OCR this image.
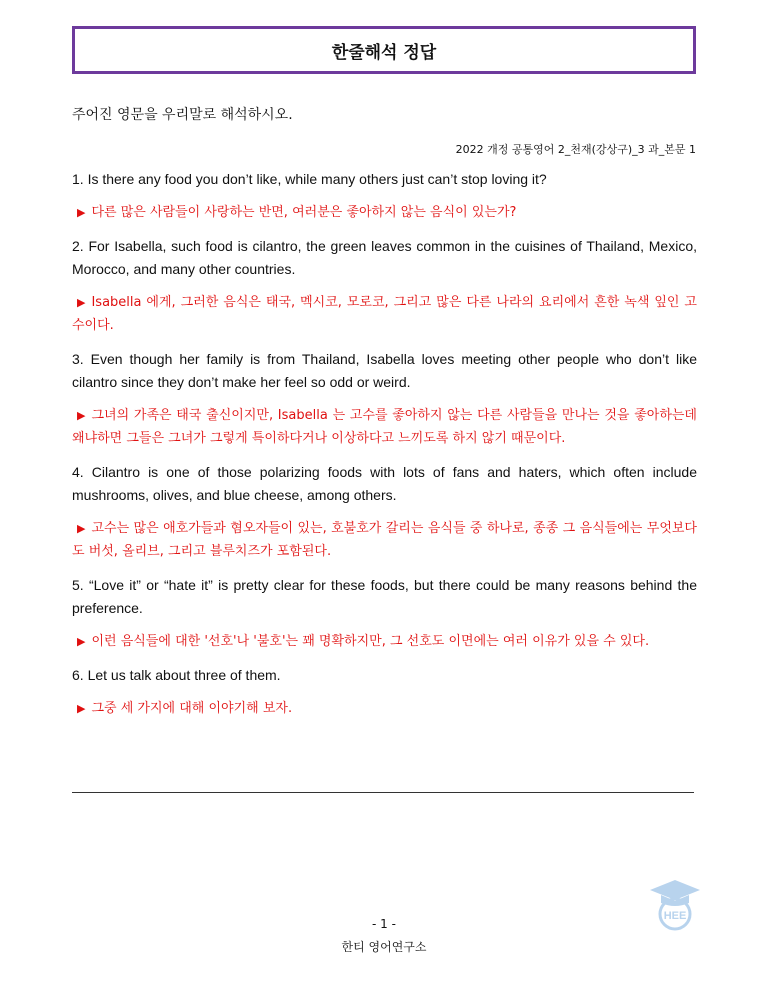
한줄해석 정답
주어진 영문을 우리말로 해석하시오.
2022 개정 공통영어 2_천재(강상구)_3 과_본문 1

1. Is there any food you don’t like, while many others just can’t stop loving it?

▶ 다른 많은 사람들이 사랑하는 반면, 여러분은 좋아하지 않는 음식이 있는가?

2. For Isabella, such food is cilantro, the green leaves common in the cuisines of Thailand, Mexico, Morocco, and many other countries.

▶ Isabella 에게, 그러한 음식은 태국, 멕시코, 모로코, 그리고 많은 다른 나라의 요리에서 흔한 녹색 잎인 고수이다.

3. Even though her family is from Thailand, Isabella loves meeting other people who don’t like cilantro since they don’t make her feel so odd or weird.

▶ 그녀의 가족은 태국 출신이지만, Isabella 는 고수를 좋아하지 않는 다른 사람들을 만나는 것을 좋아하는데 왜냐하면 그들은 그녀가 그렇게 특이하다거나 이상하다고 느끼도록 하지 않기 때문이다.

4. Cilantro is one of those polarizing foods with lots of fans and haters, which often include mushrooms, olives, and blue cheese, among others.

▶ 고수는 많은 애호가들과 혐오자들이 있는, 호불호가 갈리는 음식들 중 하나로, 종종 그 음식들에는 무엇보다도 버섯, 올리브, 그리고 블루치즈가 포함된다.

5. “Love it” or “hate it” is pretty clear for these foods, but there could be many reasons behind the preference.

▶ 이런 음식들에 대한 '선호'나 '불호'는 꽤 명확하지만, 그 선호도 이면에는 여러 이유가 있을 수 있다.

6. Let us talk about three of them.

▶ 그중 세 가지에 대해 이야기해 보자.

- 1 -
한티 영어연구소
HEE
